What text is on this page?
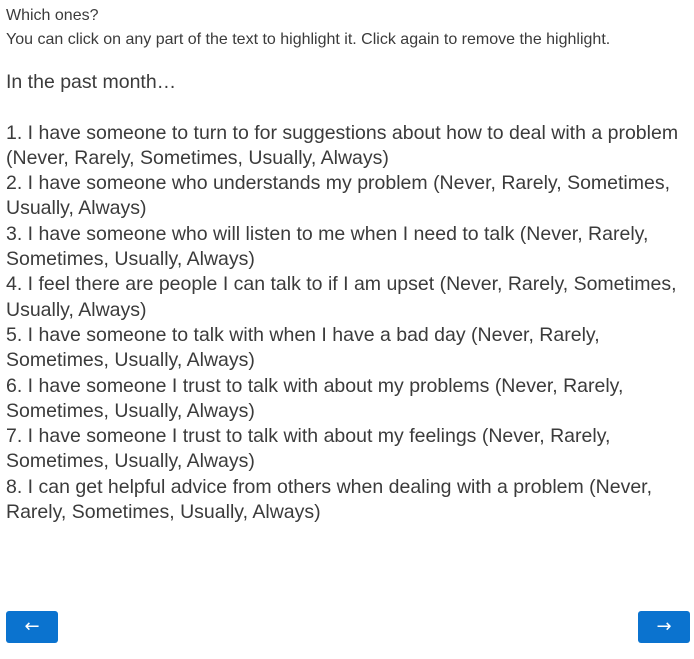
Which ones?
You can click on any part of the text to highlight it. Click again to remove the highlight.
In the past month…
1. I have someone to turn to for suggestions about how to deal with a problem (Never, Rarely, Sometimes, Usually, Always)
2. I have someone who understands my problem (Never, Rarely, Sometimes, Usually, Always)
3. I have someone who will listen to me when I need to talk (Never, Rarely, Sometimes, Usually, Always)
4. I feel there are people I can talk to if I am upset (Never, Rarely, Sometimes, Usually, Always)
5. I have someone to talk with when I have a bad day (Never, Rarely, Sometimes, Usually, Always)
6. I have someone I trust to talk with about my problems (Never, Rarely, Sometimes, Usually, Always)
7. I have someone I trust to talk with about my feelings (Never, Rarely, Sometimes, Usually, Always)
8. I can get helpful advice from others when dealing with a problem (Never, Rarely, Sometimes, Usually, Always)
←	→
